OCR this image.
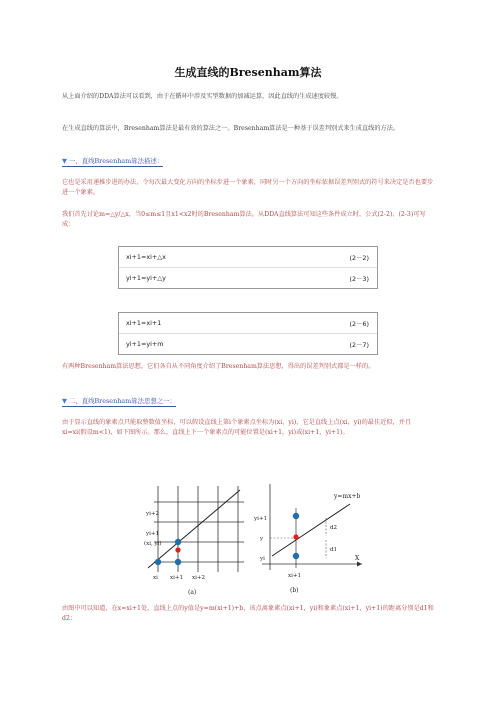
生成直线的Bresenham算法
从上面介绍的DDA算法可以看到，由于在循环中涉及实型数据的加减运算，因此直线的生成速度较慢。
在生成直线的算法中，Bresenham算法是最有效的算法之一。Bresenham算法是一种基于误差判别式来生成直线的方法。
▼ 一、直线Bresenham算法描述：
它也是采用递推步进的办法，令每次最大变化方向的坐标步进一个象素，同时另一个方向的坐标依据误差判别式的符号来决定是否也要步进一个象素。
我们首先讨论m=△y/△x，当0≤m≤1且x1<x2时的Bresenham算法。从DDA直线算法可知这些条件成立时，公式(2-2)、(2-3)可写成：
xi+1=xi+△x	(2－2)
yi+1=yi+△y	(2－3)
xi+1=xi+1	(2－6)
yi+1=yi+m	(2－7)
有两种Bresenham算法思想，它们各自从不同角度介绍了Bresenham算法思想，得出的误差判别式都是一样的。
▼ 二、直线Bresenham算法思想之一：
由于显示直线的象素点只能取整数值坐标，可以假设直线上第i个象素点坐标为(xi，yi)，它是直线上点(xi，yi)的最佳近似，并且xi=xi(假设m<1)，如下图所示。那么，直线上下一个象素点的可能位置是(xi+1，yi)或(xi+1，yi+1)。
yi+2
yi+1
(xi, yi)
xi xi+1 xi+2
(a)
y=mx+b
yi+1
y
yi
d2
d1
X
xi+1
(b)
由图中可以知道，在x=xi+1处，直线上点的y值是y=m(xi+1)+b，该点离象素点(xi+1，yi)和象素点(xi+1，yi+1)的距离分别是d1和d2：
